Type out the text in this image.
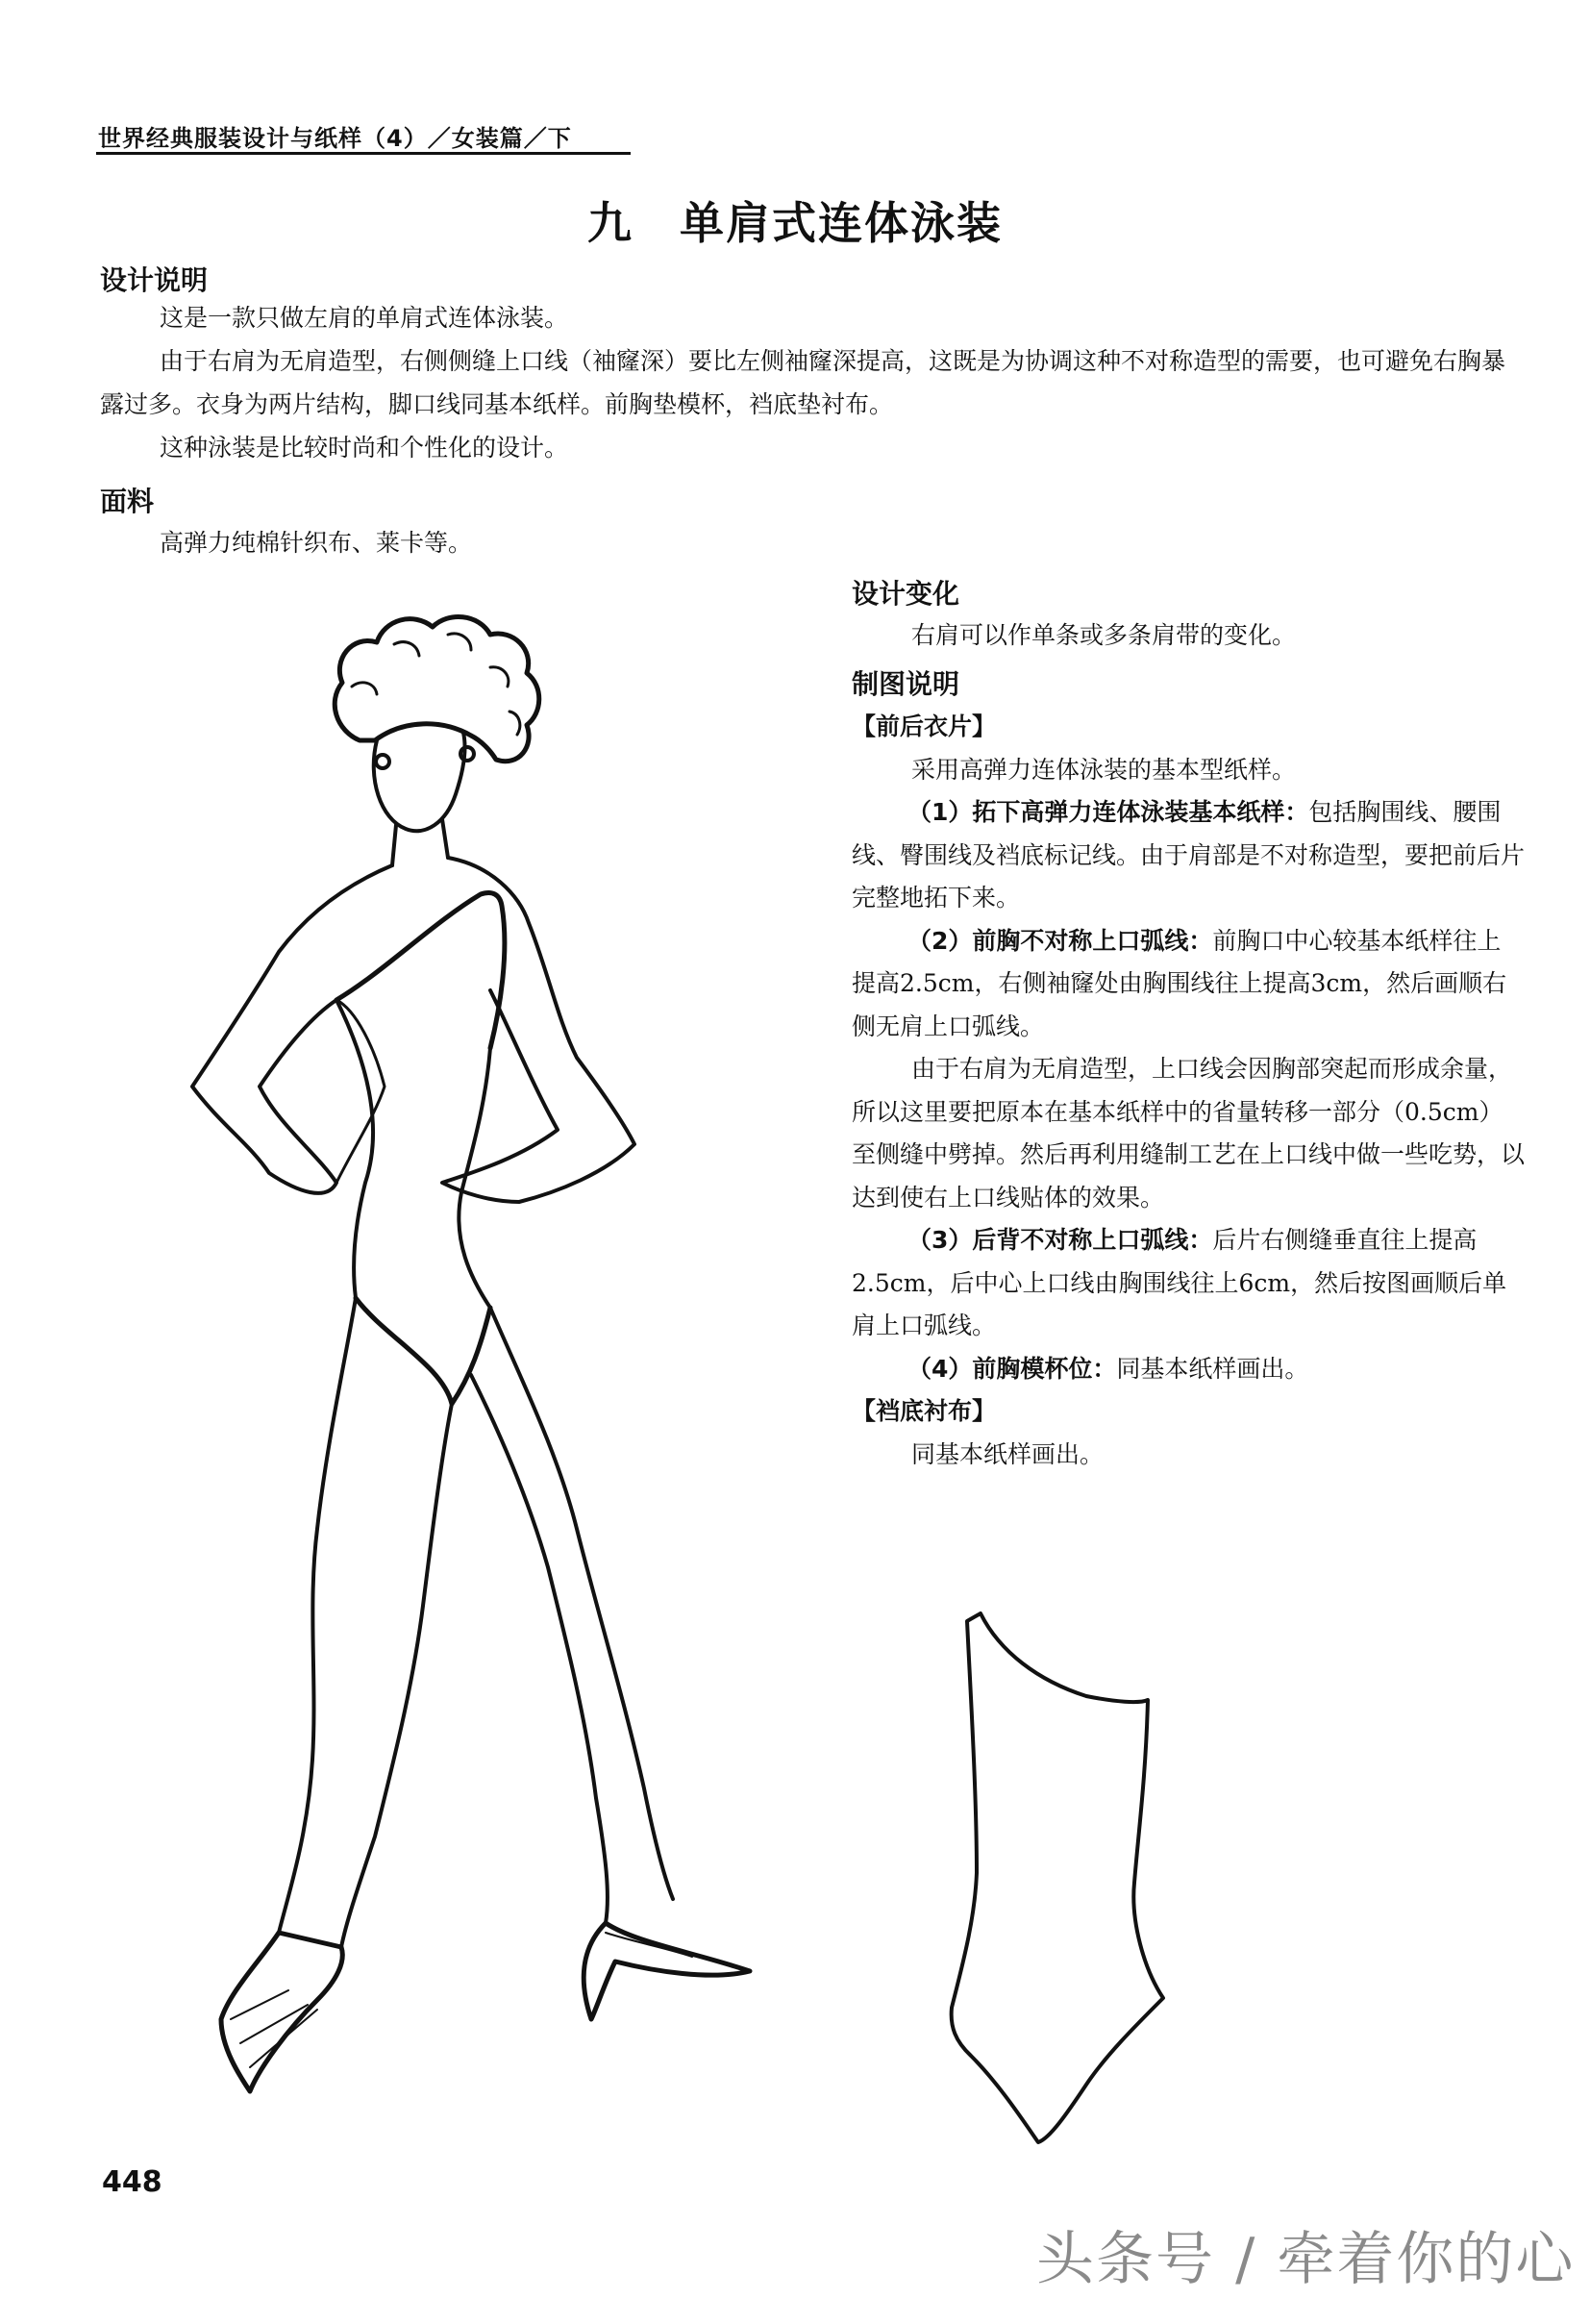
世界经典服装设计与纸样（4）／女装篇／下
九　单肩式连体泳装
设计说明

这是一款只做左肩的单肩式连体泳装。

由于右肩为无肩造型，右侧侧缝上口线（袖窿深）要比左侧袖窿深提高，这既是为协调这种不对称造型的需要，也可避免右胸暴露过多。衣身为两片结构，脚口线同基本纸样。前胸垫模杯，裆底垫衬布。

这种泳装是比较时尚和个性化的设计。

面料
高弹力纯棉针织布、莱卡等。
设计变化
右肩可以作单条或多条肩带的变化。
制图说明

【前后衣片】

采用高弹力连体泳装的基本型纸样。

（1）拓下高弹力连体泳装基本纸样：包括胸围线、腰围线、臀围线及裆底标记线。由于肩部是不对称造型，要把前后片完整地拓下来。

（2）前胸不对称上口弧线：前胸口中心较基本纸样往上提高2.5cm，右侧袖窿处由胸围线往上提高3cm，然后画顺右侧无肩上口弧线。

由于右肩为无肩造型，上口线会因胸部突起而形成余量，所以这里要把原本在基本纸样中的省量转移一部分（0.5cm）至侧缝中劈掉。然后再利用缝制工艺在上口线中做一些吃势，以达到使右上口线贴体的效果。

（3）后背不对称上口弧线：后片右侧缝垂直往上提高2.5cm，后中心上口线由胸围线往上6cm，然后按图画顺后单肩上口弧线。

（4）前胸模杯位：同基本纸样画出。

【裆底衬布】

同基本纸样画出。

448
头条号 / 牵着你的心
